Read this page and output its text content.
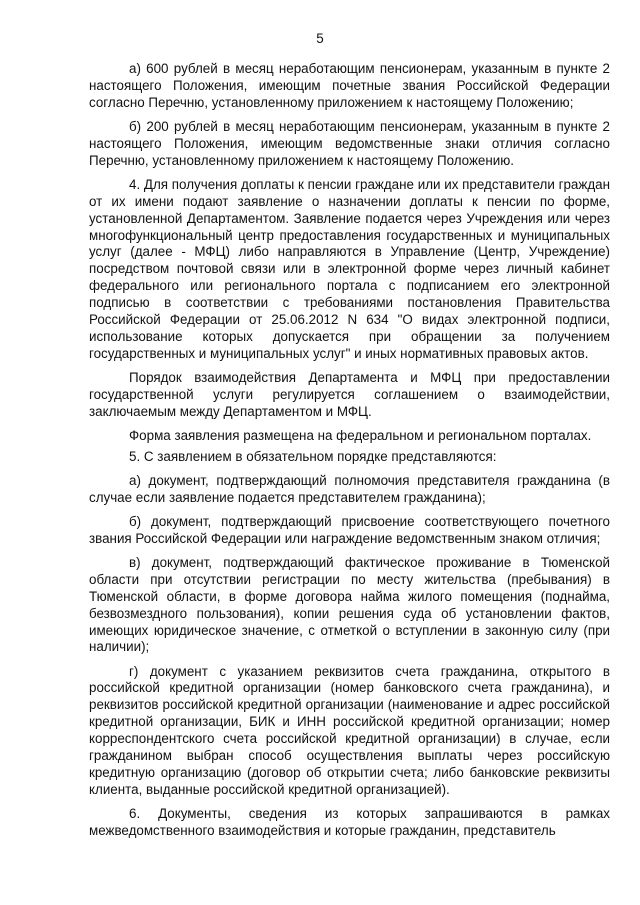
5

а) 600 рублей в месяц неработающим пенсионерам, указанным в пункте 2 настоящего Положения, имеющим почетные звания Российской Федерации согласно Перечню, установленному приложением к настоящему Положению;

б) 200 рублей в месяц неработающим пенсионерам, указанным в пункте 2 настоящего Положения, имеющим ведомственные знаки отличия согласно Перечню, установленному приложением к настоящему Положению.

4. Для получения доплаты к пенсии граждане или их представители граждан от их имени подают заявление о назначении доплаты к пенсии по форме, установленной Департаментом. Заявление подается через Учреждения или через многофункциональный центр предоставления государственных и муниципальных услуг (далее - МФЦ) либо направляются в Управление (Центр, Учреждение) посредством почтовой связи или в электронной форме через личный кабинет федерального или регионального портала с подписанием его электронной подписью в соответствии с требованиями постановления Правительства Российской Федерации от 25.06.2012 N 634 "О видах электронной подписи, использование которых допускается при обращении за получением государственных и муниципальных услуг" и иных нормативных правовых актов.

Порядок взаимодействия Департамента и МФЦ при предоставлении государственной услуги регулируется соглашением о взаимодействии, заключаемым между Департаментом и МФЦ.

Форма заявления размещена на федеральном и региональном порталах.

5. С заявлением в обязательном порядке представляются:

а) документ, подтверждающий полномочия представителя гражданина (в случае если заявление подается представителем гражданина);

б) документ, подтверждающий присвоение соответствующего почетного звания Российской Федерации или награждение ведомственным знаком отличия;

в) документ, подтверждающий фактическое проживание в Тюменской области при отсутствии регистрации по месту жительства (пребывания) в Тюменской области, в форме договора найма жилого помещения (поднайма, безвозмездного пользования), копии решения суда об установлении фактов, имеющих юридическое значение, с отметкой о вступлении в законную силу (при наличии);

г) документ с указанием реквизитов счета гражданина, открытого в российской кредитной организации (номер банковского счета гражданина), и реквизитов российской кредитной организации (наименование и адрес российской кредитной организации, БИК и ИНН российской кредитной организации; номер корреспондентского счета российской кредитной организации) в случае, если гражданином выбран способ осуществления выплаты через российскую кредитную организацию (договор об открытии счета; либо банковские реквизиты клиента, выданные российской кредитной организацией).

6. Документы, сведения из которых запрашиваются в рамках межведомственного взаимодействия и которые гражданин, представитель
